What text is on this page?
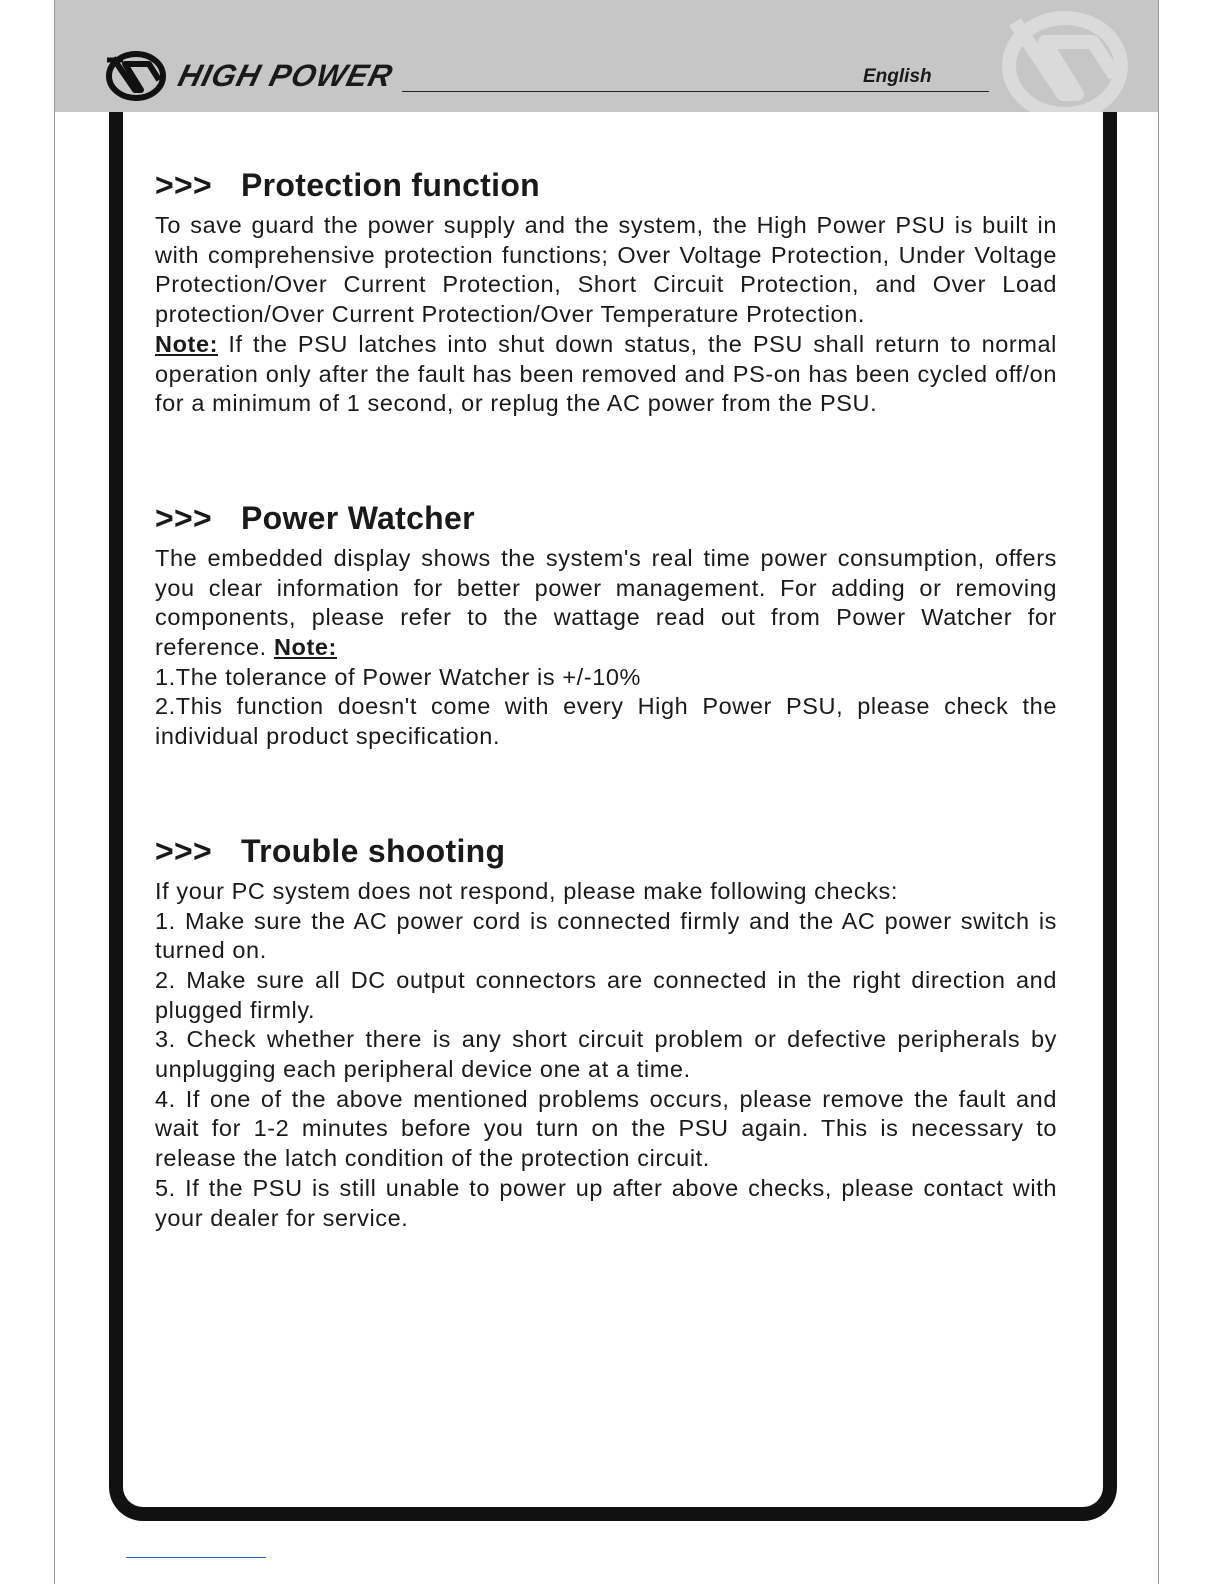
HIGH POWER	English
>>> Protection function

To save guard the power supply and the system, the High Power PSU is built in with comprehensive protection functions; Over Voltage Protection, Under Voltage Protection/Over Current Protection, Short Circuit Protection, and Over Load protection/Over Current Protection/Over Temperature Protection.

Note: If the PSU latches into shut down status, the PSU shall return to normal operation only after the fault has been removed and PS-on has been cycled off/on for a minimum of 1 second, or replug the AC power from the PSU.

>>> Power Watcher

The embedded display shows the system's real time power consumption, offers you clear information for better power management. For adding or removing components, please refer to the wattage read out from Power Watcher for reference. Note:

1.The tolerance of Power Watcher is +/-10%

2.This function doesn't come with every High Power PSU, please check the individual product specification.

>>> Trouble shooting

If your PC system does not respond, please make following checks:

1. Make sure the AC power cord is connected firmly and the AC power switch is turned on.

2. Make sure all DC output connectors are connected in the right direction and plugged firmly.

3. Check whether there is any short circuit problem or defective peripherals by unplugging each peripheral device one at a time.

4. If one of the above mentioned problems occurs, please remove the fault and wait for 1-2 minutes before you turn on the PSU again. This is necessary to release the latch condition of the protection circuit.

5. If the PSU is still unable to power up after above checks, please contact with your dealer for service.
